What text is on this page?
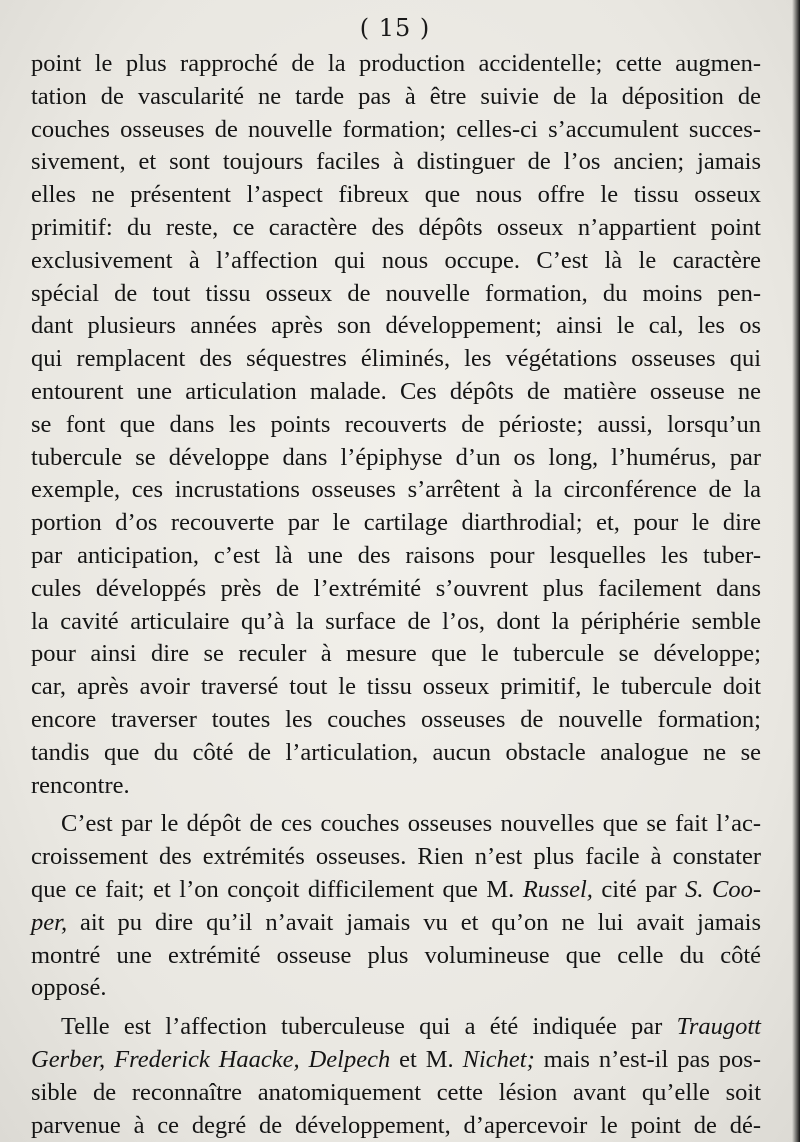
( 15 )
point le plus rapproché de la production accidentelle; cette augmen-
tation de vascularité ne tarde pas à être suivie de la déposition de
couches osseuses de nouvelle formation; celles-ci s’accumulent succes-
sivement, et sont toujours faciles à distinguer de l’os ancien; jamais
elles ne présentent l’aspect fibreux que nous offre le tissu osseux
primitif: du reste, ce caractère des dépôts osseux n’appartient point
exclusivement à l’affection qui nous occupe. C’est là le caractère
spécial de tout tissu osseux de nouvelle formation, du moins pen-
dant plusieurs années après son développement; ainsi le cal, les os
qui remplacent des séquestres éliminés, les végétations osseuses qui
entourent une articulation malade. Ces dépôts de matière osseuse ne
se font que dans les points recouverts de périoste; aussi, lorsqu’un
tubercule se développe dans l’épiphyse d’un os long, l’humérus, par
exemple, ces incrustations osseuses s’arrêtent à la circonférence de la
portion d’os recouverte par le cartilage diarthrodial; et, pour le dire
par anticipation, c’est là une des raisons pour lesquelles les tuber-
cules développés près de l’extrémité s’ouvrent plus facilement dans
la cavité articulaire qu’à la surface de l’os, dont la périphérie semble
pour ainsi dire se reculer à mesure que le tubercule se développe;
car, après avoir traversé tout le tissu osseux primitif, le tubercule doit
encore traverser toutes les couches osseuses de nouvelle formation;
tandis que du côté de l’articulation, aucun obstacle analogue ne se
rencontre.
C’est par le dépôt de ces couches osseuses nouvelles que se fait l’ac-
croissement des extrémités osseuses. Rien n’est plus facile à constater
que ce fait; et l’on conçoit difficilement que M. Russel, cité par S. Coo-
per, ait pu dire qu’il n’avait jamais vu et qu’on ne lui avait jamais
montré une extrémité osseuse plus volumineuse que celle du côté
opposé.
Telle est l’affection tuberculeuse qui a été indiquée par Traugott
Gerber, Frederick Haacke, Delpech et M. Nichet; mais n’est-il pas pos-
sible de reconnaître anatomiquement cette lésion avant qu’elle soit
parvenue à ce degré de développement, d’apercevoir le point de dé-
